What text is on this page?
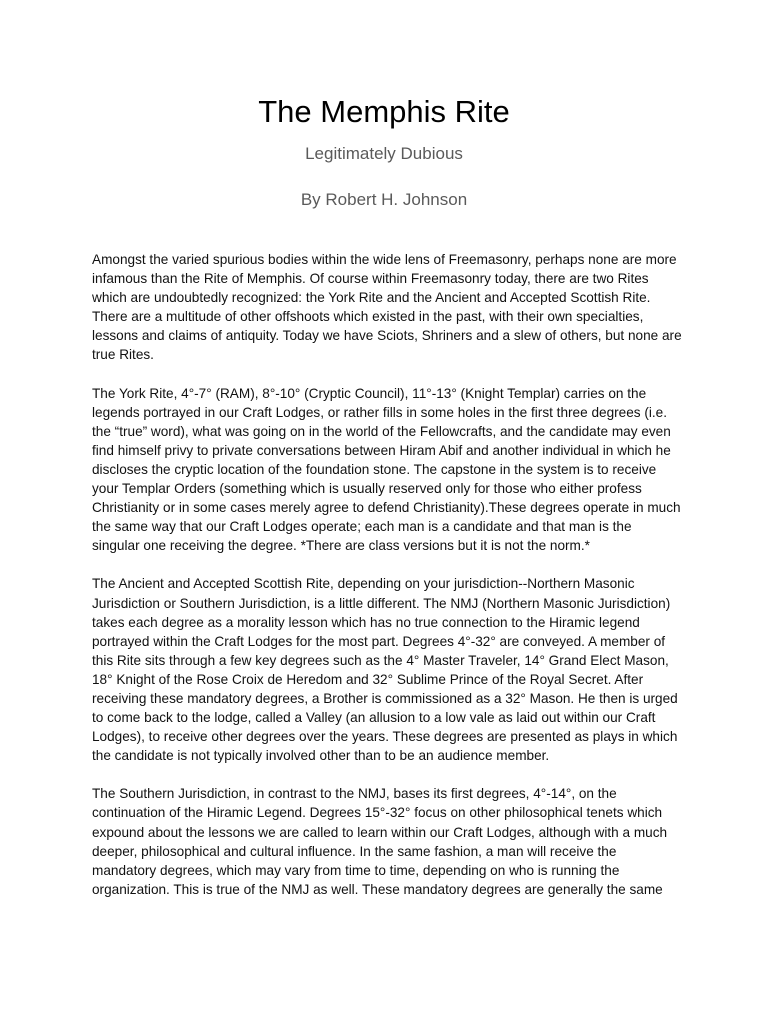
The Memphis Rite
Legitimately Dubious
By Robert H. Johnson

Amongst the varied spurious bodies within the wide lens of Freemasonry, perhaps none are more infamous than the Rite of Memphis. Of course within Freemasonry today, there are two Rites which are undoubtedly recognized: the York Rite and the Ancient and Accepted Scottish Rite. There are a multitude of other offshoots which existed in the past, with their own specialties, lessons and claims of antiquity. Today we have Sciots, Shriners and a slew of others, but none are true Rites.

The York Rite, 4°-7° (RAM), 8°-10° (Cryptic Council), 11°-13° (Knight Templar) carries on the legends portrayed in our Craft Lodges, or rather fills in some holes in the first three degrees (i.e. the “true” word), what was going on in the world of the Fellowcrafts, and the candidate may even find himself privy to private conversations between Hiram Abif and another individual in which he discloses the cryptic location of the foundation stone. The capstone in the system is to receive your Templar Orders (something which is usually reserved only for those who either profess Christianity or in some cases merely agree to defend Christianity).These degrees operate in much the same way that our Craft Lodges operate; each man is a candidate and that man is the singular one receiving the degree. *There are class versions but it is not the norm.*

The Ancient and Accepted Scottish Rite, depending on your jurisdiction--Northern Masonic Jurisdiction or Southern Jurisdiction, is a little different. The NMJ (Northern Masonic Jurisdiction) takes each degree as a morality lesson which has no true connection to the Hiramic legend portrayed within the Craft Lodges for the most part. Degrees 4°-32° are conveyed. A member of this Rite sits through a few key degrees such as the 4° Master Traveler, 14° Grand Elect Mason, 18° Knight of the Rose Croix de Heredom and 32° Sublime Prince of the Royal Secret. After receiving these mandatory degrees, a Brother is commissioned as a 32° Mason. He then is urged to come back to the lodge, called a Valley (an allusion to a low vale as laid out within our Craft Lodges), to receive other degrees over the years. These degrees are presented as plays in which the candidate is not typically involved other than to be an audience member.

The Southern Jurisdiction, in contrast to the NMJ, bases its first degrees, 4°-14°, on the continuation of the Hiramic Legend. Degrees 15°-32° focus on other philosophical tenets which expound about the lessons we are called to learn within our Craft Lodges, although with a much deeper, philosophical and cultural influence. In the same fashion, a man will receive the mandatory degrees, which may vary from time to time, depending on who is running the organization. This is true of the NMJ as well. These mandatory degrees are generally the same
